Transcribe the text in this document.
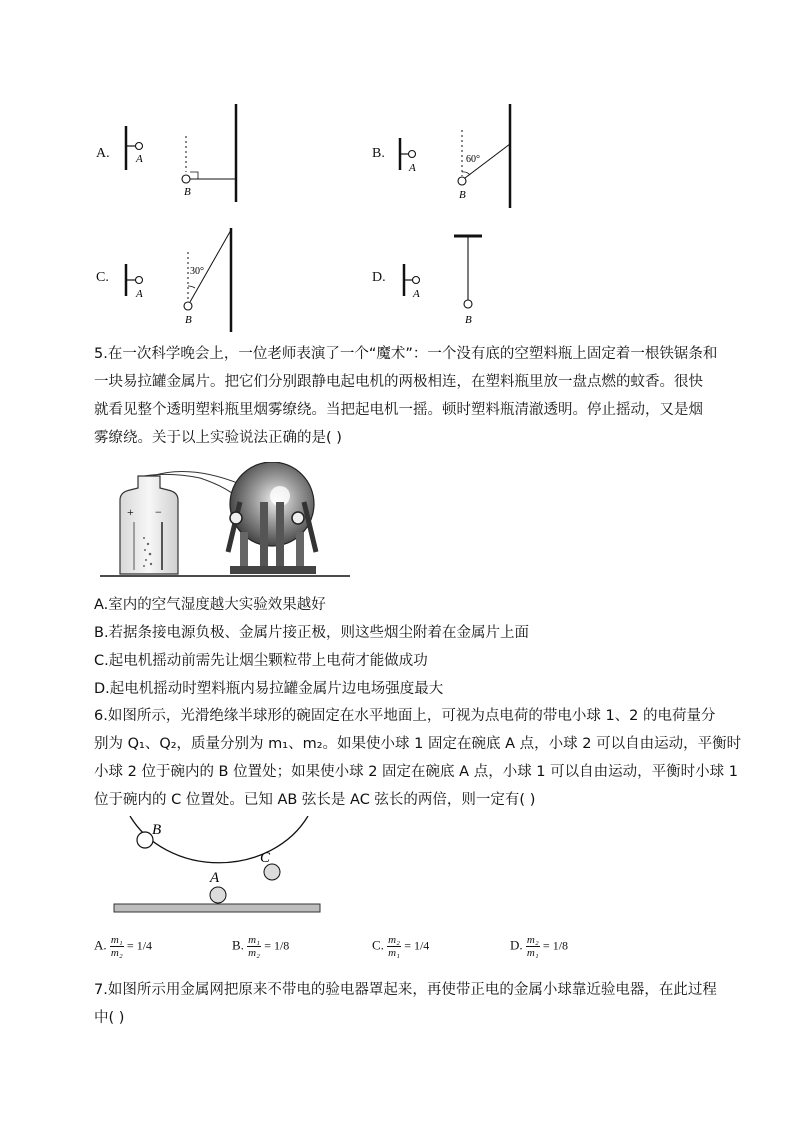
A. A
B
B.
A
60°
B
C.
A
30°
B
D.
A
B
5.在一次科学晚会上，一位老师表演了一个“魔术”：一个没有底的空塑料瓶上固定着一根铁锯条和
一块易拉罐金属片。把它们分别跟静电起电机的两极相连，在塑料瓶里放一盘点燃的蚊香。很快
就看见整个透明塑料瓶里烟雾缭绕。当把起电机一摇。顿时塑料瓶清澈透明。停止摇动，又是烟
雾缭绕。关于以上实验说法正确的是( )
+ −
A.室内的空气湿度越大实验效果越好
B.若据条接电源负极、金属片接正极，则这些烟尘附着在金属片上面
C.起电机摇动前需先让烟尘颗粒带上电荷才能做成功
D.起电机摇动时塑料瓶内易拉罐金属片边电场强度最大
6.如图所示，光滑绝缘半球形的碗固定在水平地面上，可视为点电荷的带电小球 1、2 的电荷量分
别为 Q₁、Q₂，质量分别为 m₁、m₂。如果使小球 1 固定在碗底 A 点，小球 2 可以自由运动，平衡时
小球 2 位于碗内的 B 位置处；如果使小球 2 固定在碗底 A 点，小球 1 可以自由运动，平衡时小球 1
位于碗内的 C 位置处。已知 AB 弦长是 AC 弦长的两倍，则一定有( )
A
B
C
A. $\frac{\text{m₁}}{\text{m₂}} = 1/4$	B. $\frac{\text{m₁}}{\text{m₂}} = 1/8$	C. $\frac{\text{m₂}}{\text{m₁}} = 1/4$	D. $\frac{\text{m₂}}{\text{m₁}} = 1/8$
7.如图所示用金属网把原来不带电的验电器罩起来，再使带正电的金属小球靠近验电器，在此过程
中( )
